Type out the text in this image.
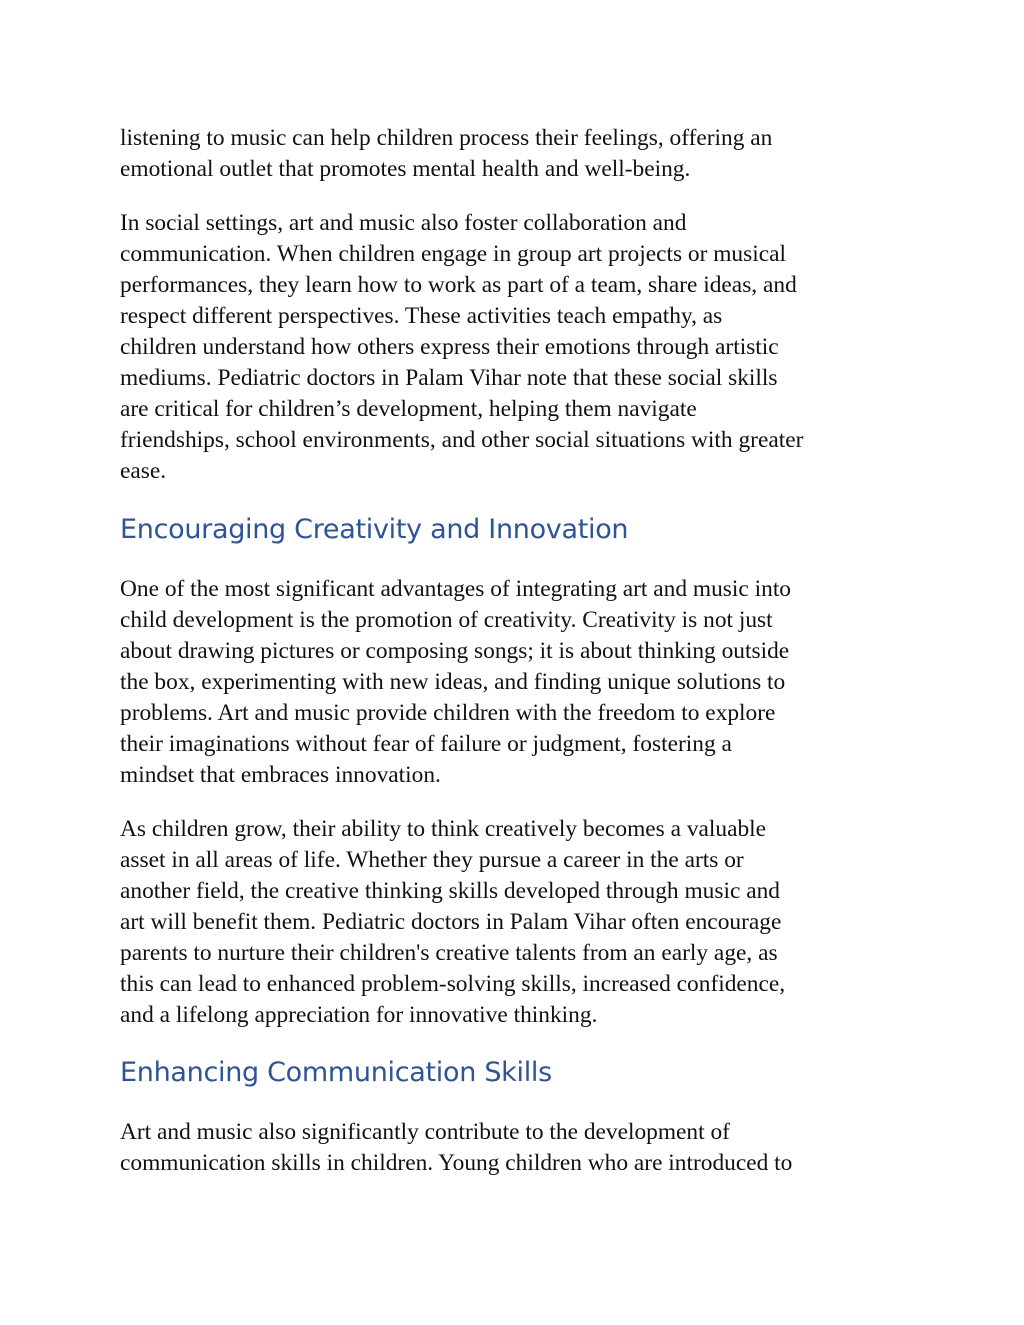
listening to music can help children process their feelings, offering an
emotional outlet that promotes mental health and well-being.

In social settings, art and music also foster collaboration and
communication. When children engage in group art projects or musical
performances, they learn how to work as part of a team, share ideas, and
respect different perspectives. These activities teach empathy, as
children understand how others express their emotions through artistic
mediums. Pediatric doctors in Palam Vihar note that these social skills
are critical for children’s development, helping them navigate
friendships, school environments, and other social situations with greater
ease.

Encouraging Creativity and Innovation

One of the most significant advantages of integrating art and music into
child development is the promotion of creativity. Creativity is not just
about drawing pictures or composing songs; it is about thinking outside
the box, experimenting with new ideas, and finding unique solutions to
problems. Art and music provide children with the freedom to explore
their imaginations without fear of failure or judgment, fostering a
mindset that embraces innovation.

As children grow, their ability to think creatively becomes a valuable
asset in all areas of life. Whether they pursue a career in the arts or
another field, the creative thinking skills developed through music and
art will benefit them. Pediatric doctors in Palam Vihar often encourage
parents to nurture their children's creative talents from an early age, as
this can lead to enhanced problem-solving skills, increased confidence,
and a lifelong appreciation for innovative thinking.

Enhancing Communication Skills

Art and music also significantly contribute to the development of
communication skills in children. Young children who are introduced to
